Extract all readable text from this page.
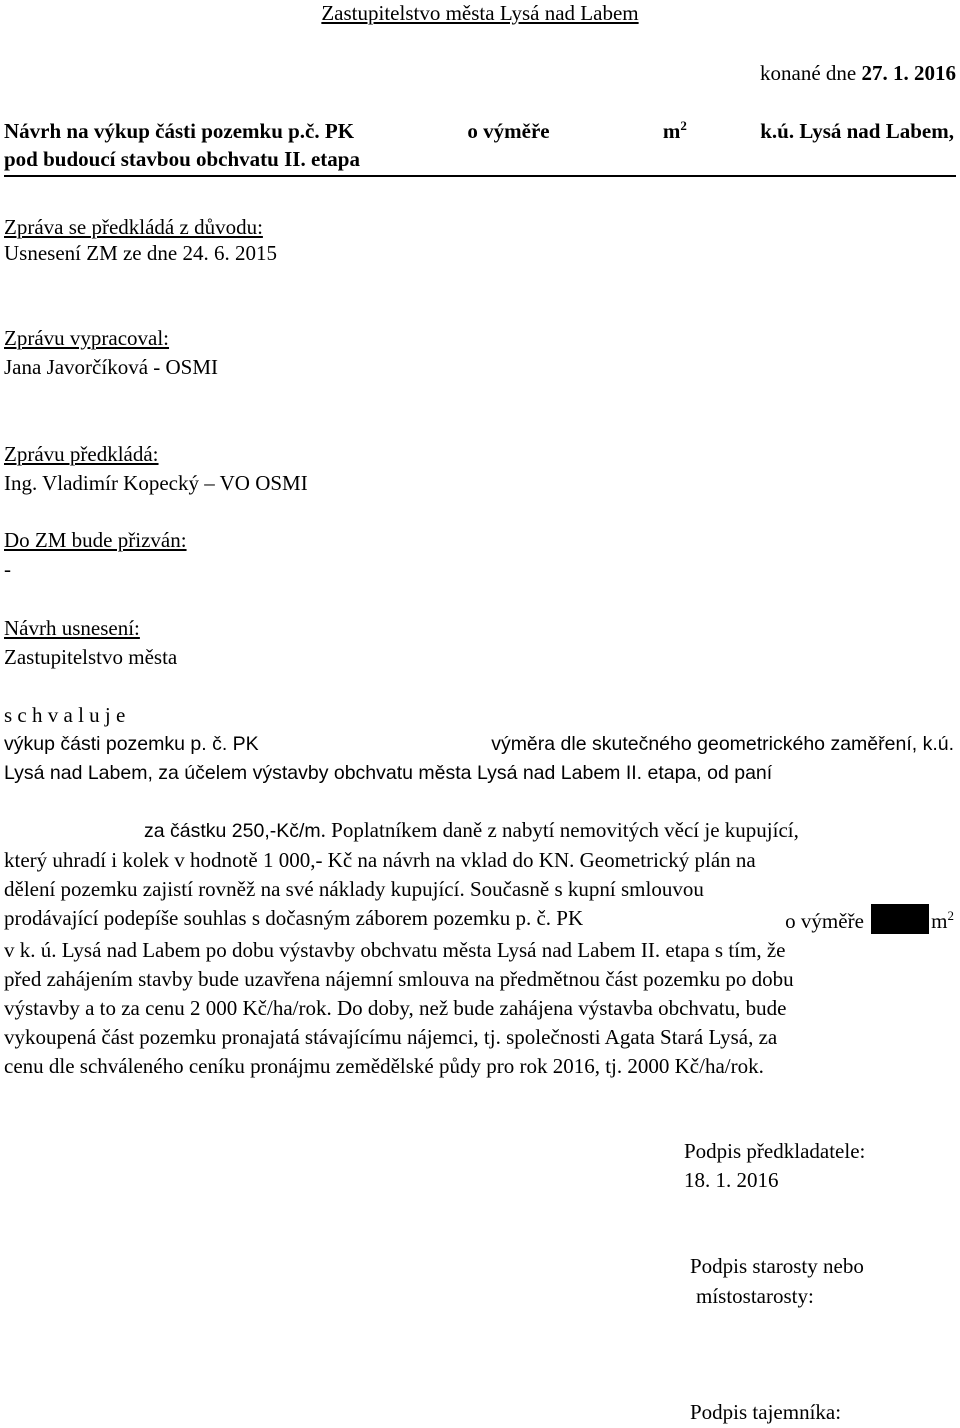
Zastupitelstvo města Lysá nad Labem
konané dne 27. 1. 2016
Návrh na výkup části pozemku p.č. PK	o výměře	$m^2$	k.ú. Lysá nad Labem,
pod budoucí stavbou obchvatu II. etapa
Zpráva se předkládá z důvodu:
Usnesení ZM ze dne 24. 6. 2015
Zprávu vypracoval:
Jana Javorčíková - OSMI
Zprávu předkládá:
Ing. Vladimír Kopecký – VO OSMI
Do ZM bude přizván:
-
Návrh usnesení:
Zastupitelstvo města
s c h v a l u j e
výkup části pozemku p. č. PK	výměra dle skutečného geometrického zaměření, k.ú.
Lysá nad Labem, za účelem výstavby obchvatu města Lysá nad Labem II. etapa, od paní
za částku 250,-Kč/m. Poplatníkem daně z nabytí nemovitých věcí je kupující,
který uhradí i kolek v hodnotě 1 000,- Kč na návrh na vklad do KN. Geometrický plán na
dělení pozemku zajistí rovněž na své náklady kupující. Současně s kupní smlouvou
prodávající podepíše souhlas s dočasným záborem pozemku p. č. PK	o výměře	$m^2$
v k. ú. Lysá nad Labem po dobu výstavby obchvatu města Lysá nad Labem II. etapa s tím, že
před zahájením stavby bude uzavřena nájemní smlouva na předmětnou část pozemku po dobu
výstavby a to za cenu 2 000 Kč/ha/rok. Do doby, než bude zahájena výstavba obchvatu, bude
vykoupená část pozemku pronajatá stávajícímu nájemci, tj. společnosti Agata Stará Lysá, za
cenu dle schváleného ceníku pronájmu zemědělské půdy pro rok 2016, tj. 2000 Kč/ha/rok.
Podpis předkladatele:
18. 1. 2016
Podpis starosty nebo
místostarosty:
Podpis tajemníka:
